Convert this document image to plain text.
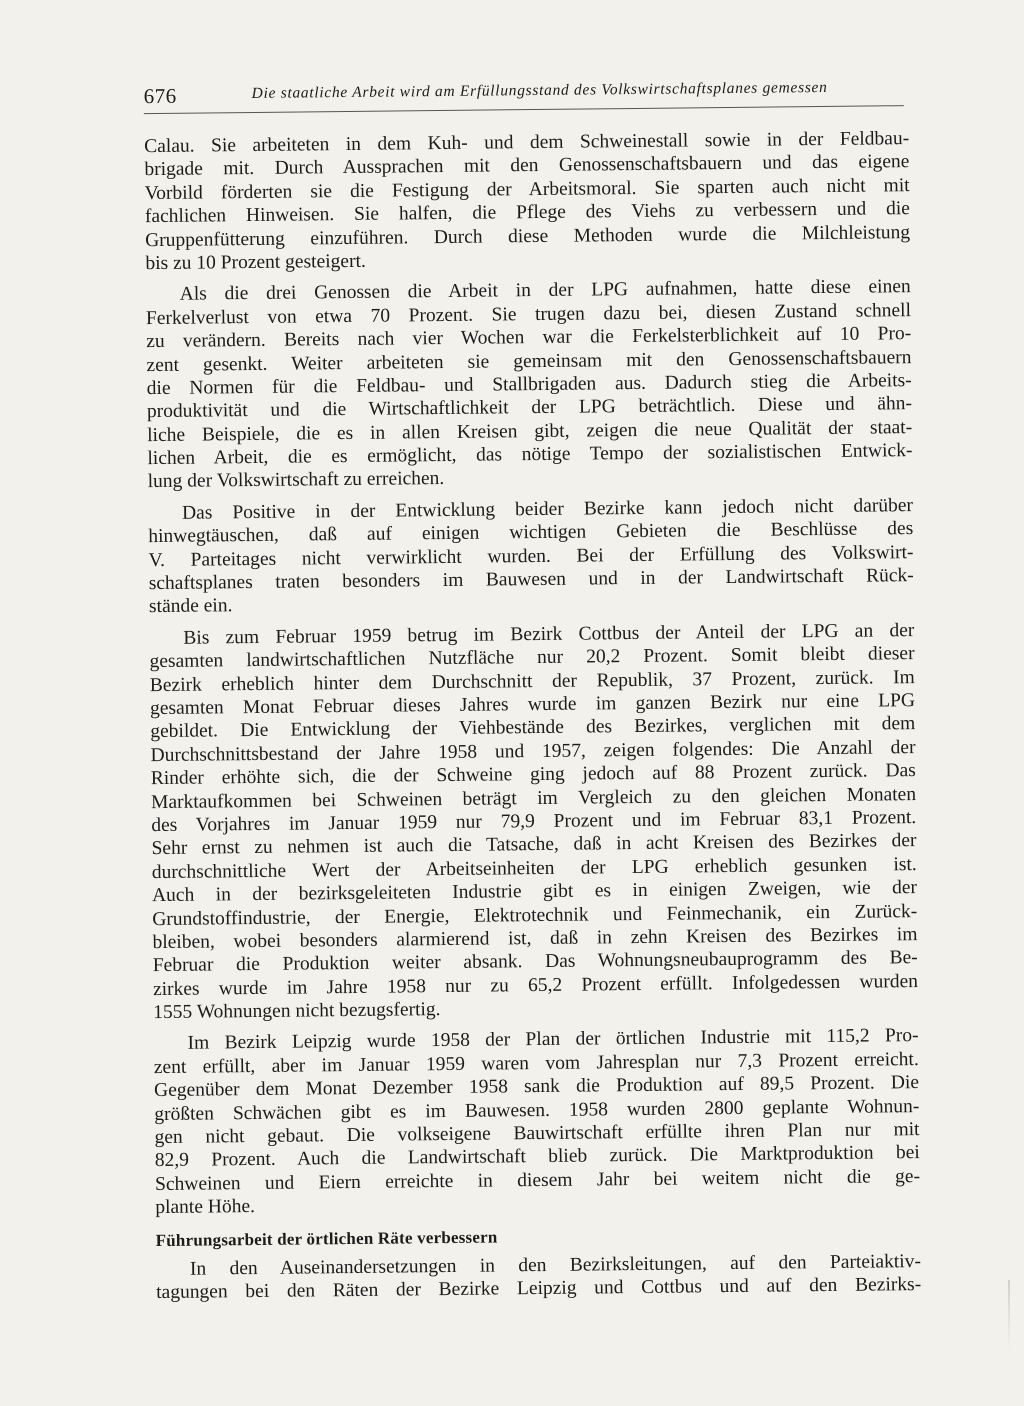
676	Die staatliche Arbeit wird am Erfüllungsstand des Volkswirtschaftsplanes gemessen
Calau. Sie arbeiteten in dem Kuh- und dem Schweinestall sowie in der Feldbau-
brigade mit. Durch Aussprachen mit den Genossenschaftsbauern und das eigene
Vorbild förderten sie die Festigung der Arbeitsmoral. Sie sparten auch nicht mit
fachlichen Hinweisen. Sie halfen, die Pflege des Viehs zu verbessern und die
Gruppenfütterung einzuführen. Durch diese Methoden wurde die Milchleistung
bis zu 10 Prozent gesteigert.
Als die drei Genossen die Arbeit in der LPG aufnahmen, hatte diese einen
Ferkelverlust von etwa 70 Prozent. Sie trugen dazu bei, diesen Zustand schnell
zu verändern. Bereits nach vier Wochen war die Ferkelsterblichkeit auf 10 Pro-
zent gesenkt. Weiter arbeiteten sie gemeinsam mit den Genossenschaftsbauern
die Normen für die Feldbau- und Stallbrigaden aus. Dadurch stieg die Arbeits-
produktivität und die Wirtschaftlichkeit der LPG beträchtlich. Diese und ähn-
liche Beispiele, die es in allen Kreisen gibt, zeigen die neue Qualität der staat-
lichen Arbeit, die es ermöglicht, das nötige Tempo der sozialistischen Entwick-
lung der Volkswirtschaft zu erreichen.
Das Positive in der Entwicklung beider Bezirke kann jedoch nicht darüber
hinwegtäuschen, daß auf einigen wichtigen Gebieten die Beschlüsse des
V. Parteitages nicht verwirklicht wurden. Bei der Erfüllung des Volkswirt-
schaftsplanes traten besonders im Bauwesen und in der Landwirtschaft Rück-
stände ein.
Bis zum Februar 1959 betrug im Bezirk Cottbus der Anteil der LPG an der
gesamten landwirtschaftlichen Nutzfläche nur 20,2 Prozent. Somit bleibt dieser
Bezirk erheblich hinter dem Durchschnitt der Republik, 37 Prozent, zurück. Im
gesamten Monat Februar dieses Jahres wurde im ganzen Bezirk nur eine LPG
gebildet. Die Entwicklung der Viehbestände des Bezirkes, verglichen mit dem
Durchschnittsbestand der Jahre 1958 und 1957, zeigen folgendes: Die Anzahl der
Rinder erhöhte sich, die der Schweine ging jedoch auf 88 Prozent zurück. Das
Marktaufkommen bei Schweinen beträgt im Vergleich zu den gleichen Monaten
des Vorjahres im Januar 1959 nur 79,9 Prozent und im Februar 83,1 Prozent.
Sehr ernst zu nehmen ist auch die Tatsache, daß in acht Kreisen des Bezirkes der
durchschnittliche Wert der Arbeitseinheiten der LPG erheblich gesunken ist.
Auch in der bezirksgeleiteten Industrie gibt es in einigen Zweigen, wie der
Grundstoffindustrie, der Energie, Elektrotechnik und Feinmechanik, ein Zurück-
bleiben, wobei besonders alarmierend ist, daß in zehn Kreisen des Bezirkes im
Februar die Produktion weiter absank. Das Wohnungsneubauprogramm des Be-
zirkes wurde im Jahre 1958 nur zu 65,2 Prozent erfüllt. Infolgedessen wurden
1555 Wohnungen nicht bezugsfertig.
Im Bezirk Leipzig wurde 1958 der Plan der örtlichen Industrie mit 115,2 Pro-
zent erfüllt, aber im Januar 1959 waren vom Jahresplan nur 7,3 Prozent erreicht.
Gegenüber dem Monat Dezember 1958 sank die Produktion auf 89,5 Prozent. Die
größten Schwächen gibt es im Bauwesen. 1958 wurden 2800 geplante Wohnun-
gen nicht gebaut. Die volkseigene Bauwirtschaft erfüllte ihren Plan nur mit
82,9 Prozent. Auch die Landwirtschaft blieb zurück. Die Marktproduktion bei
Schweinen und Eiern erreichte in diesem Jahr bei weitem nicht die ge-
plante Höhe.
Führungsarbeit der örtlichen Räte verbessern
In den Auseinandersetzungen in den Bezirksleitungen, auf den Parteiaktiv-
tagungen bei den Räten der Bezirke Leipzig und Cottbus und auf den Bezirks-
